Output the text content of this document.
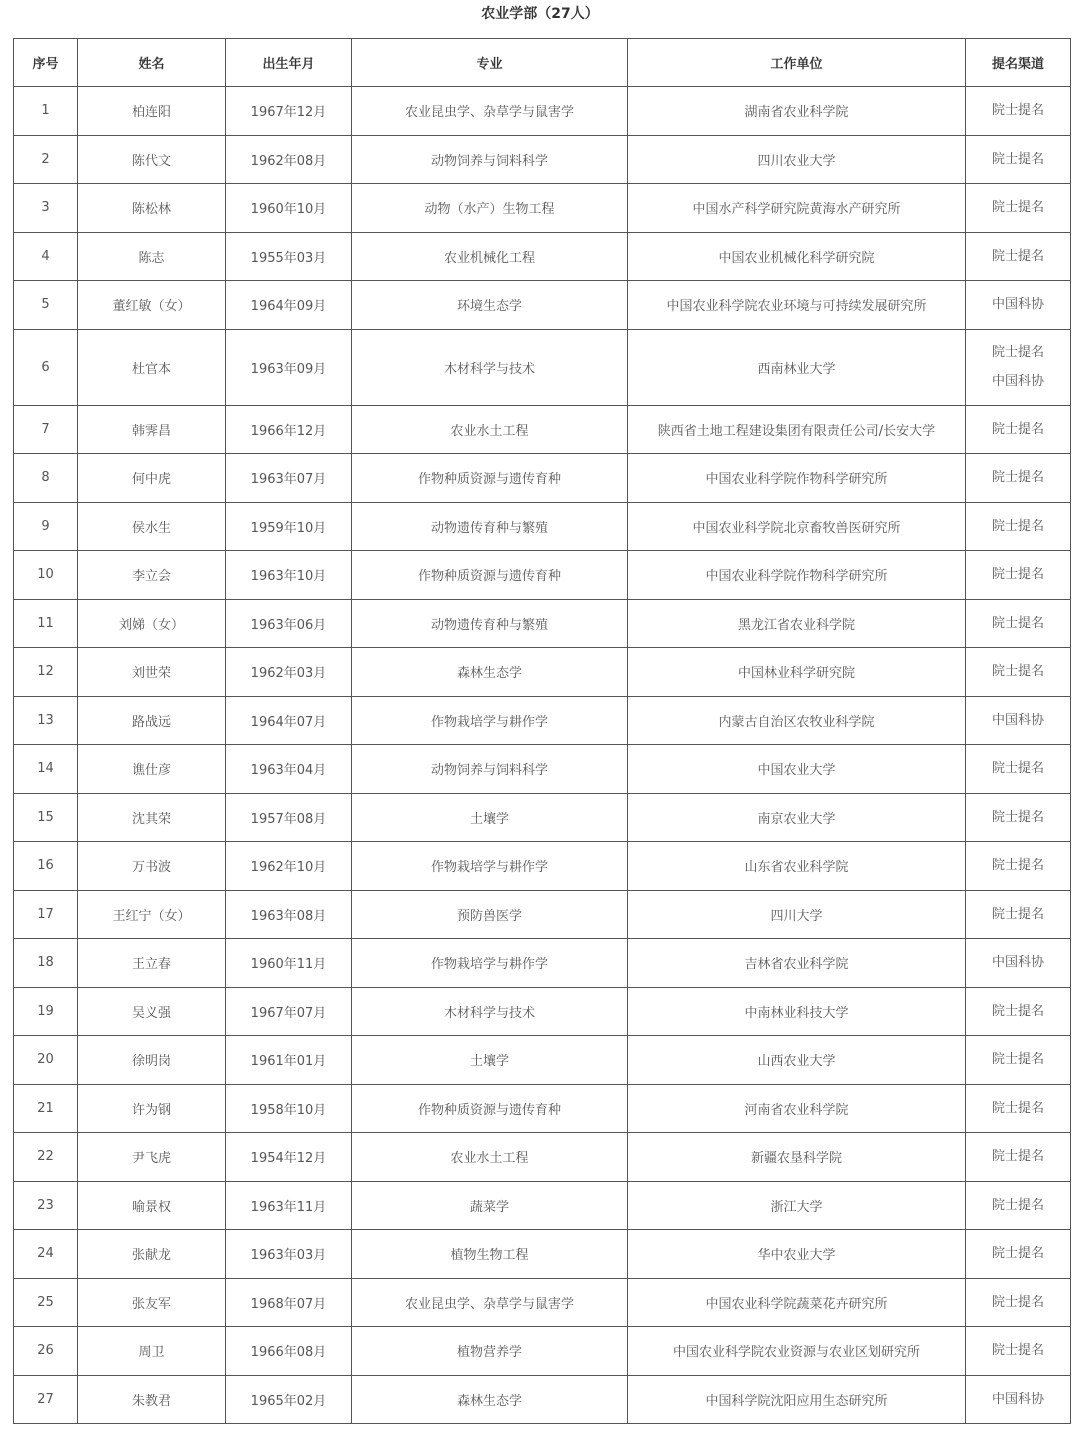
农业学部（27人）
序号	姓名	出生年月	专业	工作单位	提名渠道
1	柏连阳	1967年12月	农业昆虫学、杂草学与鼠害学	湖南省农业科学院	院士提名

2	陈代文	1962年08月	动物饲养与饲料科学	四川农业大学	院士提名

3	陈松林	1960年10月	动物（水产）生物工程	中国水产科学研究院黄海水产研究所	院士提名

4	陈志	1955年03月	农业机械化工程	中国农业机械化科学研究院	院士提名

5	董红敏（女）	1964年09月	环境生态学	中国农业科学院农业环境与可持续发展研究所	中国科协

6	杜官本	1963年09月	木材科学与技术	西南林业大学	院士提名
中国科协

7	韩霁昌	1966年12月	农业水土工程	陕西省土地工程建设集团有限责任公司/长安大学	院士提名

8	何中虎	1963年07月	作物种质资源与遗传育种	中国农业科学院作物科学研究所	院士提名

9	侯水生	1959年10月	动物遗传育种与繁殖	中国农业科学院北京畜牧兽医研究所	院士提名

10	李立会	1963年10月	作物种质资源与遗传育种	中国农业科学院作物科学研究所	院士提名

11	刘娣（女）	1963年06月	动物遗传育种与繁殖	黑龙江省农业科学院	院士提名

12	刘世荣	1962年03月	森林生态学	中国林业科学研究院	院士提名

13	路战远	1964年07月	作物栽培学与耕作学	内蒙古自治区农牧业科学院	中国科协

14	谯仕彦	1963年04月	动物饲养与饲料科学	中国农业大学	院士提名

15	沈其荣	1957年08月	土壤学	南京农业大学	院士提名

16	万书波	1962年10月	作物栽培学与耕作学	山东省农业科学院	院士提名

17	王红宁（女）	1963年08月	预防兽医学	四川大学	院士提名

18	王立春	1960年11月	作物栽培学与耕作学	吉林省农业科学院	中国科协

19	吴义强	1967年07月	木材科学与技术	中南林业科技大学	院士提名

20	徐明岗	1961年01月	土壤学	山西农业大学	院士提名

21	许为钢	1958年10月	作物种质资源与遗传育种	河南省农业科学院	院士提名

22	尹飞虎	1954年12月	农业水土工程	新疆农垦科学院	院士提名

23	喻景权	1963年11月	蔬菜学	浙江大学	院士提名

24	张献龙	1963年03月	植物生物工程	华中农业大学	院士提名

25	张友军	1968年07月	农业昆虫学、杂草学与鼠害学	中国农业科学院蔬菜花卉研究所	院士提名

26	周卫	1966年08月	植物营养学	中国农业科学院农业资源与农业区划研究所	院士提名

27	朱教君	1965年02月	森林生态学	中国科学院沈阳应用生态研究所	中国科协
